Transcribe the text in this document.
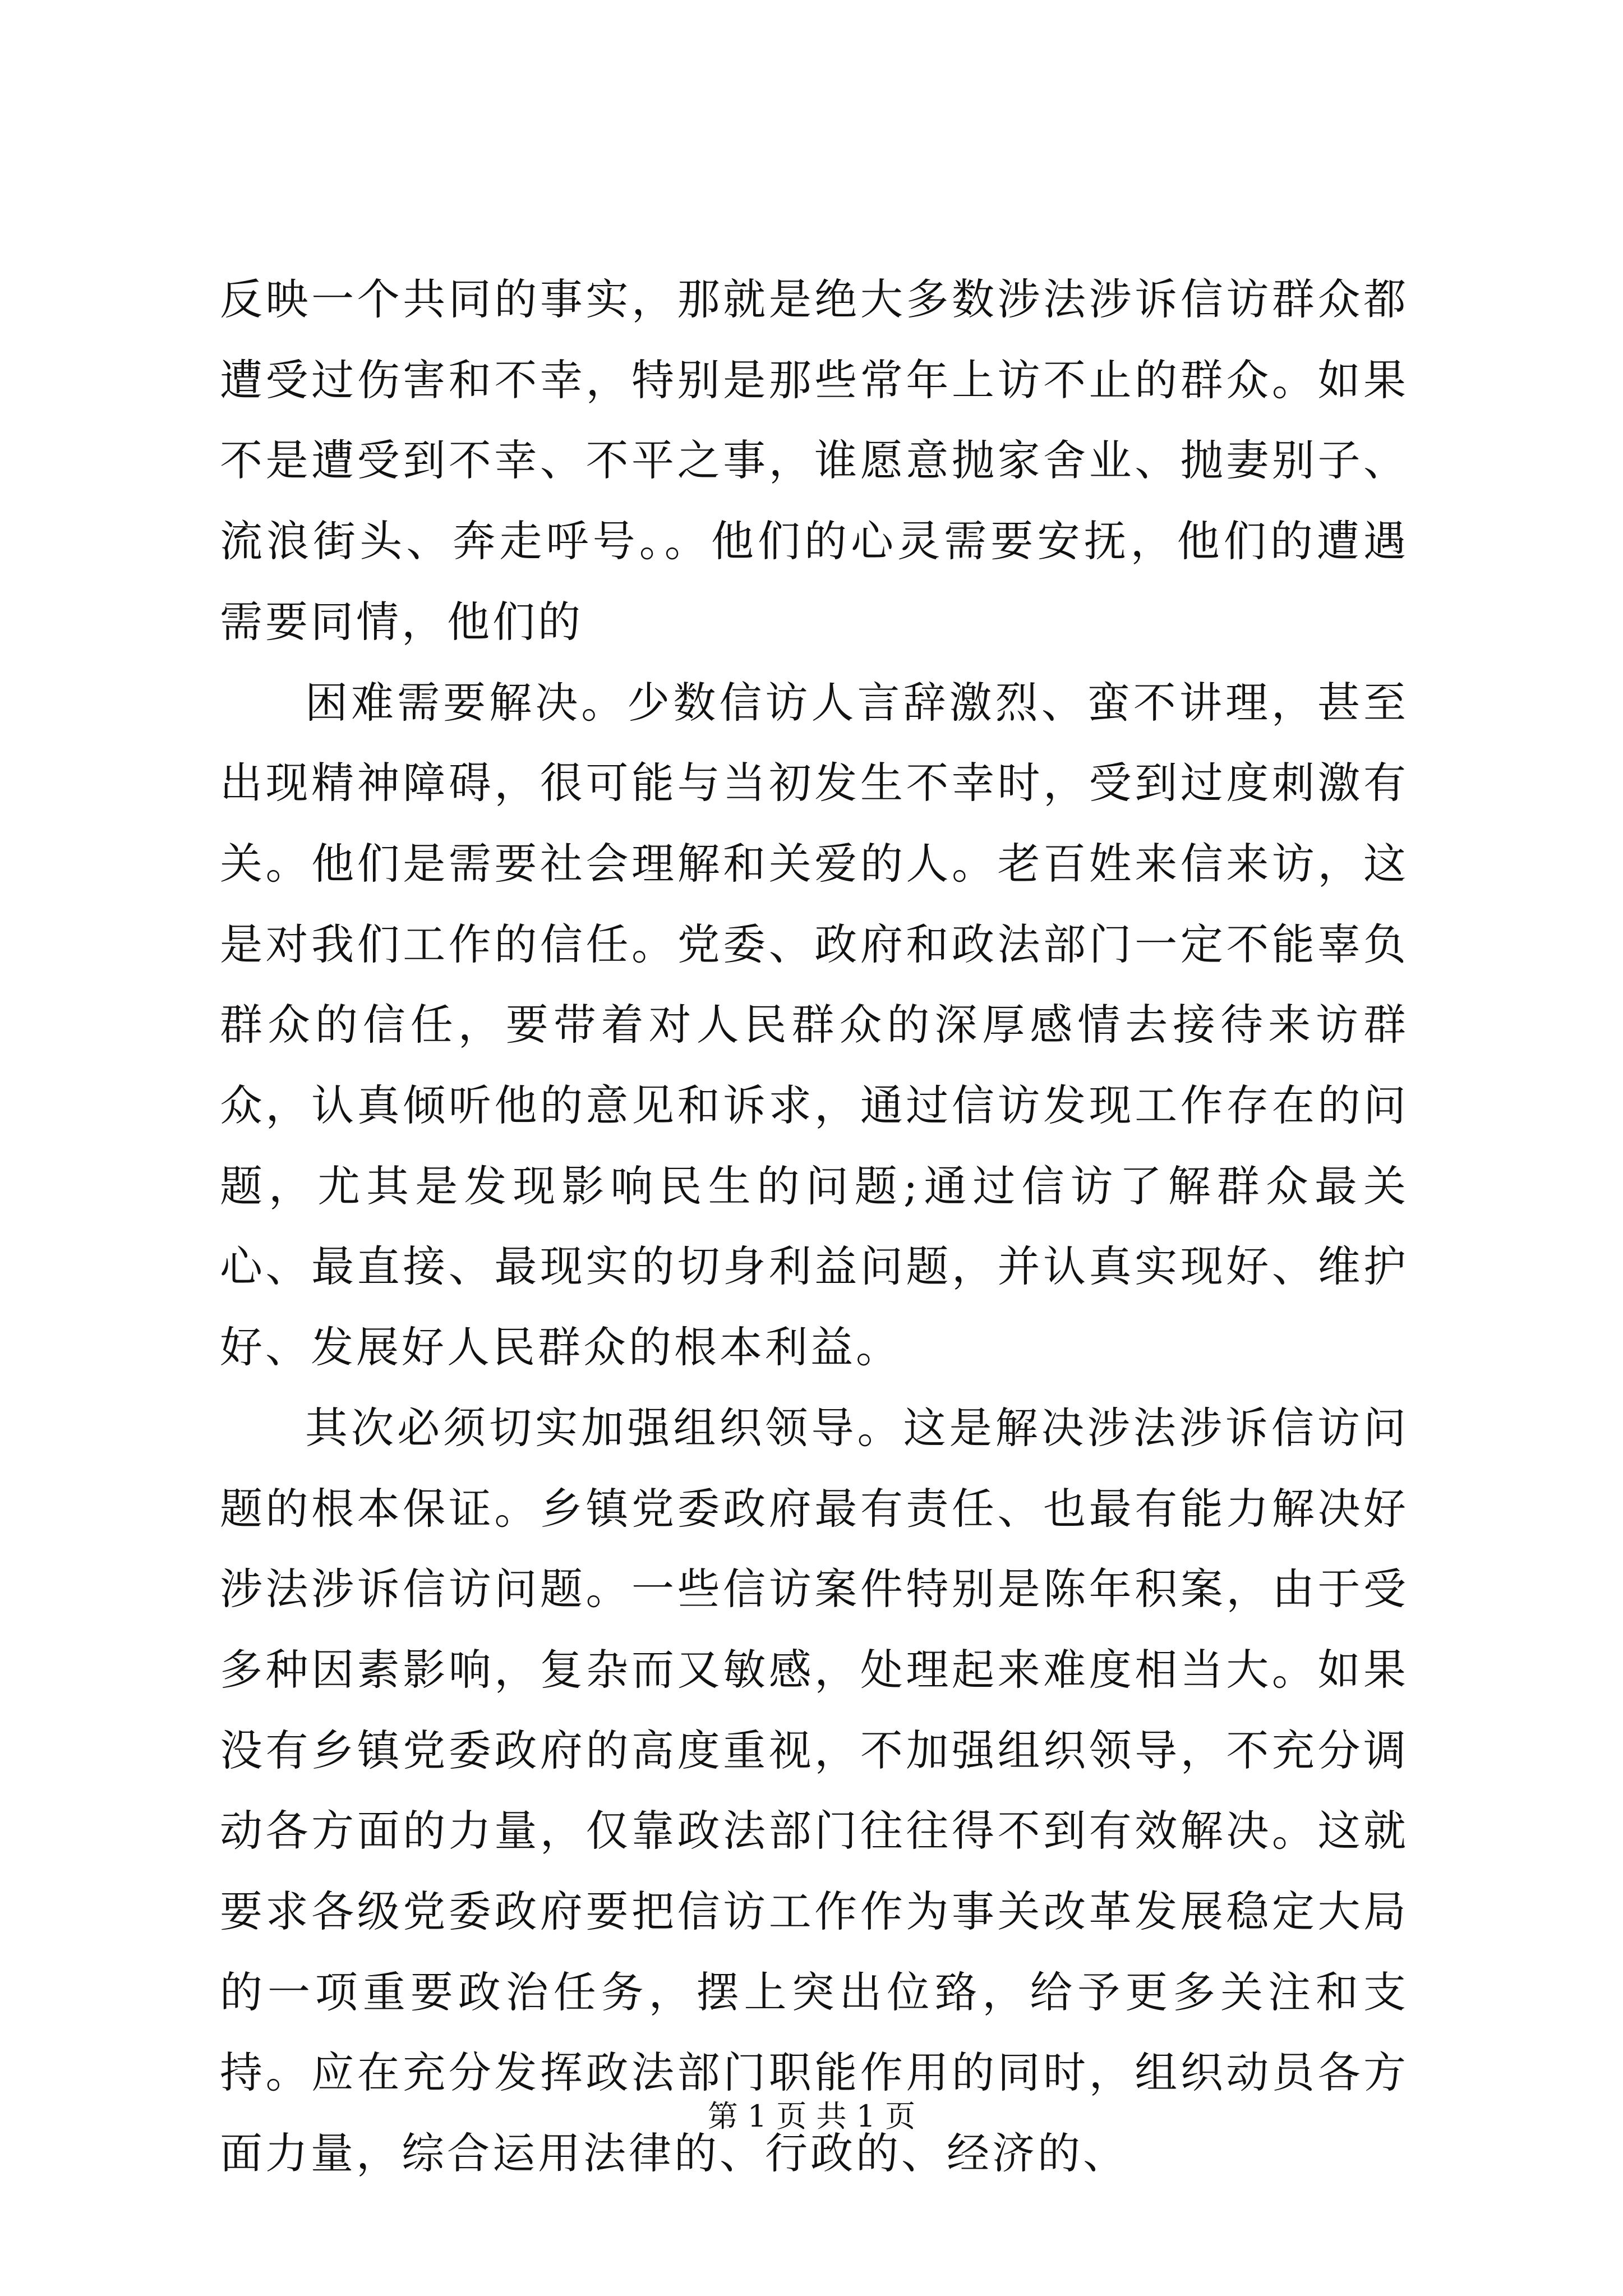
反映一个共同的事实，那就是绝大多数涉法涉诉信访群众都遭受过伤害和不幸，特别是那些常年上访不止的群众。如果不是遭受到不幸、不平之事，谁愿意抛家舍业、抛妻别子、流浪街头、奔走呼号。。他们的心灵需要安抚，他们的遭遇需要同情，他们的

困难需要解决。少数信访人言辞激烈、蛮不讲理，甚至出现精神障碍，很可能与当初发生不幸时，受到过度刺激有关。他们是需要社会理解和关爱的人。老百姓来信来访，这是对我们工作的信任。党委、政府和政法部门一定不能辜负群众的信任，要带着对人民群众的深厚感情去接待来访群众，认真倾听他的意见和诉求，通过信访发现工作存在的问题，尤其是发现影响民生的问题;通过信访了解群众最关心、最直接、最现实的切身利益问题，并认真实现好、维护好、发展好人民群众的根本利益。

其次必须切实加强组织领导。这是解决涉法涉诉信访问题的根本保证。乡镇党委政府最有责任、也最有能力解决好涉法涉诉信访问题。一些信访案件特别是陈年积案，由于受多种因素影响，复杂而又敏感，处理起来难度相当大。如果没有乡镇党委政府的高度重视，不加强组织领导，不充分调动各方面的力量，仅靠政法部门往往得不到有效解决。这就要求各级党委政府要把信访工作作为事关改革发展稳定大局的一项重要政治任务，摆上突出位臵，给予更多关注和支持。应在充分发挥政法部门职能作用的同时，组织动员各方面力量，综合运用法律的、行政的、经济的、

第 1 页 共 1 页
